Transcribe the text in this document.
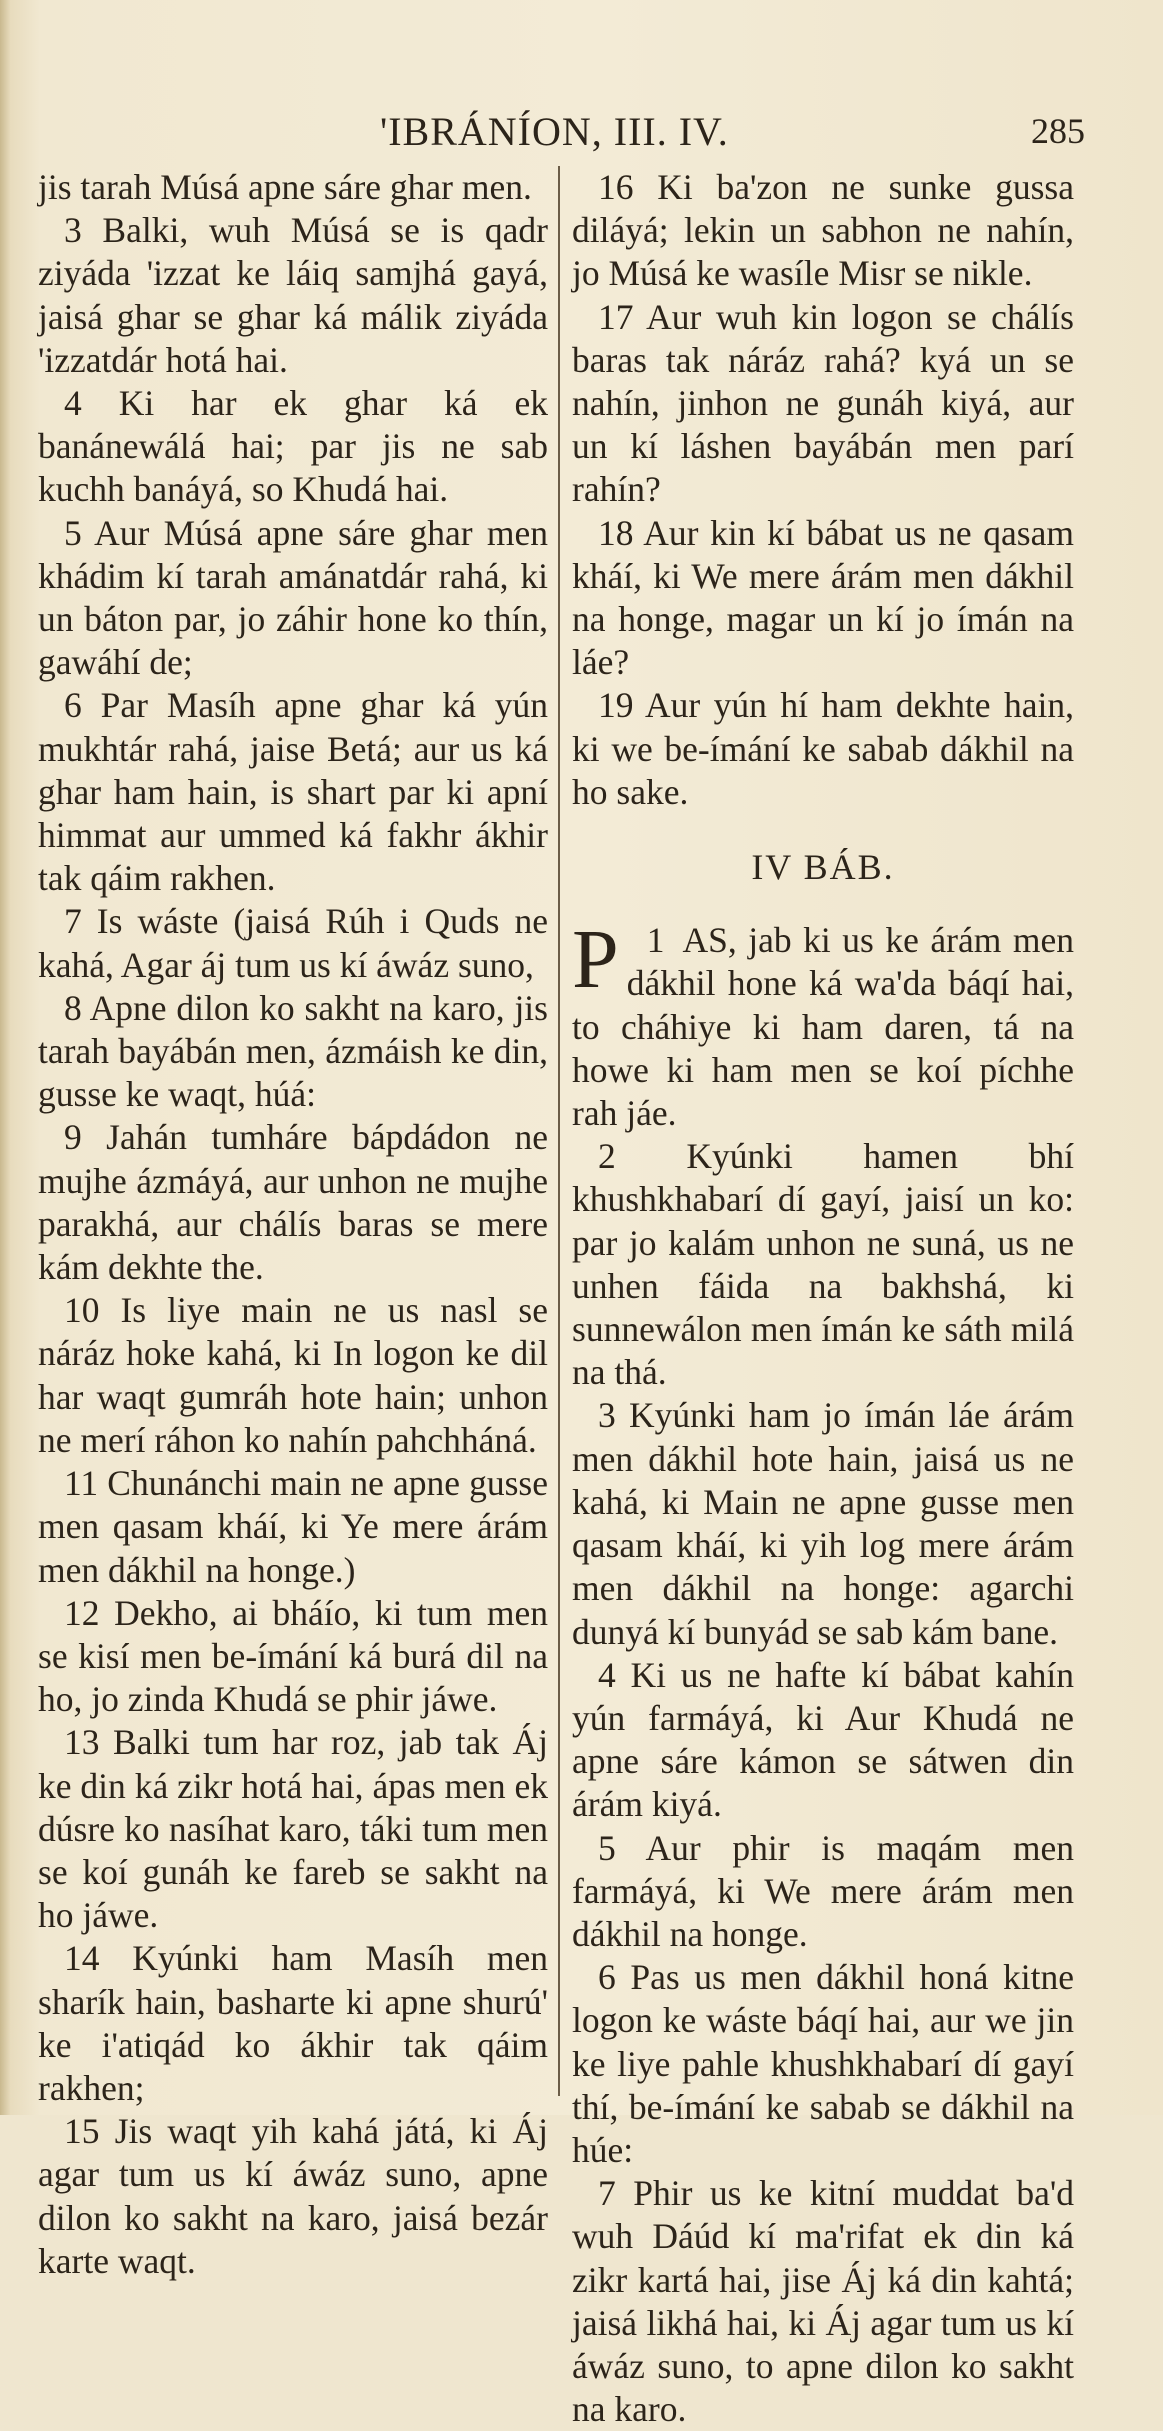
'IBRÁNÍON, III. IV.	285

jis tarah Músá apne sáre ghar men.

3 Balki, wuh Músá se is qadr ziyáda 'izzat ke láiq samjhá gayá, jaisá ghar se ghar ká málik ziyáda 'izzatdár hotá hai.

4 Ki har ek ghar ká ek banánewálá hai; par jis ne sab kuchh banáyá, so Khudá hai.

5 Aur Músá apne sáre ghar men khádim kí tarah amánatdár rahá, ki un báton par, jo záhir hone ko thín, gawáhí de;

6 Par Masíh apne ghar ká yún mukhtár rahá, jaise Betá; aur us ká ghar ham hain, is shart par ki apní himmat aur ummed ká fakhr ákhir tak qáim rakhen.

7 Is wáste (jaisá Rúh i Quds ne kahá, Agar áj tum us kí áwáz suno,

8 Apne dilon ko sakht na karo, jis tarah bayábán men, ázmáish ke din, gusse ke waqt, húá:

9 Jahán tumháre bápdádon ne mujhe ázmáyá, aur unhon ne mujhe parakhá, aur chálís baras se mere kám dekhte the.

10 Is liye main ne us nasl se náráz hoke kahá, ki In logon ke dil har waqt gumráh hote hain; unhon ne merí ráhon ko nahín pahchháná.

11 Chunánchi main ne apne gusse men qasam kháí, ki Ye mere árám men dákhil na honge.)

12 Dekho, ai bháío, ki tum men se kisí men be-ímání ká burá dil na ho, jo zinda Khudá se phir jáwe.

13 Balki tum har roz, jab tak Áj ke din ká zikr hotá hai, ápas men ek dúsre ko nasíhat karo, táki tum men se koí gunáh ke fareb se sakht na ho jáwe.

14 Kyúnki ham Masíh men sharík hain, basharte ki apne shurú' ke i'atiqád ko ákhir tak qáim rakhen;

15 Jis waqt yih kahá játá, ki Áj agar tum us kí áwáz suno, apne dilon ko sakht na karo, jaisá bezár karte waqt.

16 Ki ba'zon ne sunke gussa diláyá; lekin un sabhon ne nahín, jo Músá ke wasíle Misr se nikle.

17 Aur wuh kin logon se chálís baras tak náráz rahá? kyá un se nahín, jinhon ne gunáh kiyá, aur un kí láshen bayábán men parí rahín?

18 Aur kin kí bábat us ne qasam kháí, ki We mere árám men dákhil na honge, magar un kí jo ímán na láe?

19 Aur yún hí ham dekhte hain, ki we be-ímání ke sabab dákhil na ho sake.

IV BÁB.

1
P AS, jab ki us ke árám men dákhil hone ká wa'da báqí hai, to cháhiye ki ham daren, tá na howe ki ham men se koí píchhe rah jáe.

2 Kyúnki hamen bhí khushkhabarí dí gayí, jaisí un ko: par jo kalám unhon ne suná, us ne unhen fáida na bakhshá, ki sunnewálon men ímán ke sáth milá na thá.

3 Kyúnki ham jo ímán láe árám men dákhil hote hain, jaisá us ne kahá, ki Main ne apne gusse men qasam kháí, ki yih log mere árám men dákhil na honge: agarchi dunyá kí bunyád se sab kám bane.

4 Ki us ne hafte kí bábat kahín yún farmáyá, ki Aur Khudá ne apne sáre kámon se sátwen din árám kiyá.

5 Aur phir is maqám men farmáyá, ki We mere árám men dákhil na honge.

6 Pas us men dákhil honá kitne logon ke wáste báqí hai, aur we jin ke liye pahle khushkhabarí dí gayí thí, be-ímání ke sabab se dákhil na húe:

7 Phir us ke kitní muddat ba'd wuh Dáúd kí ma'rifat ek din ká zikr kartá hai, jise Áj ká din kahtá; jaisá likhá hai, ki Áj agar tum us kí áwáz suno, to apne dilon ko sakht na karo.
